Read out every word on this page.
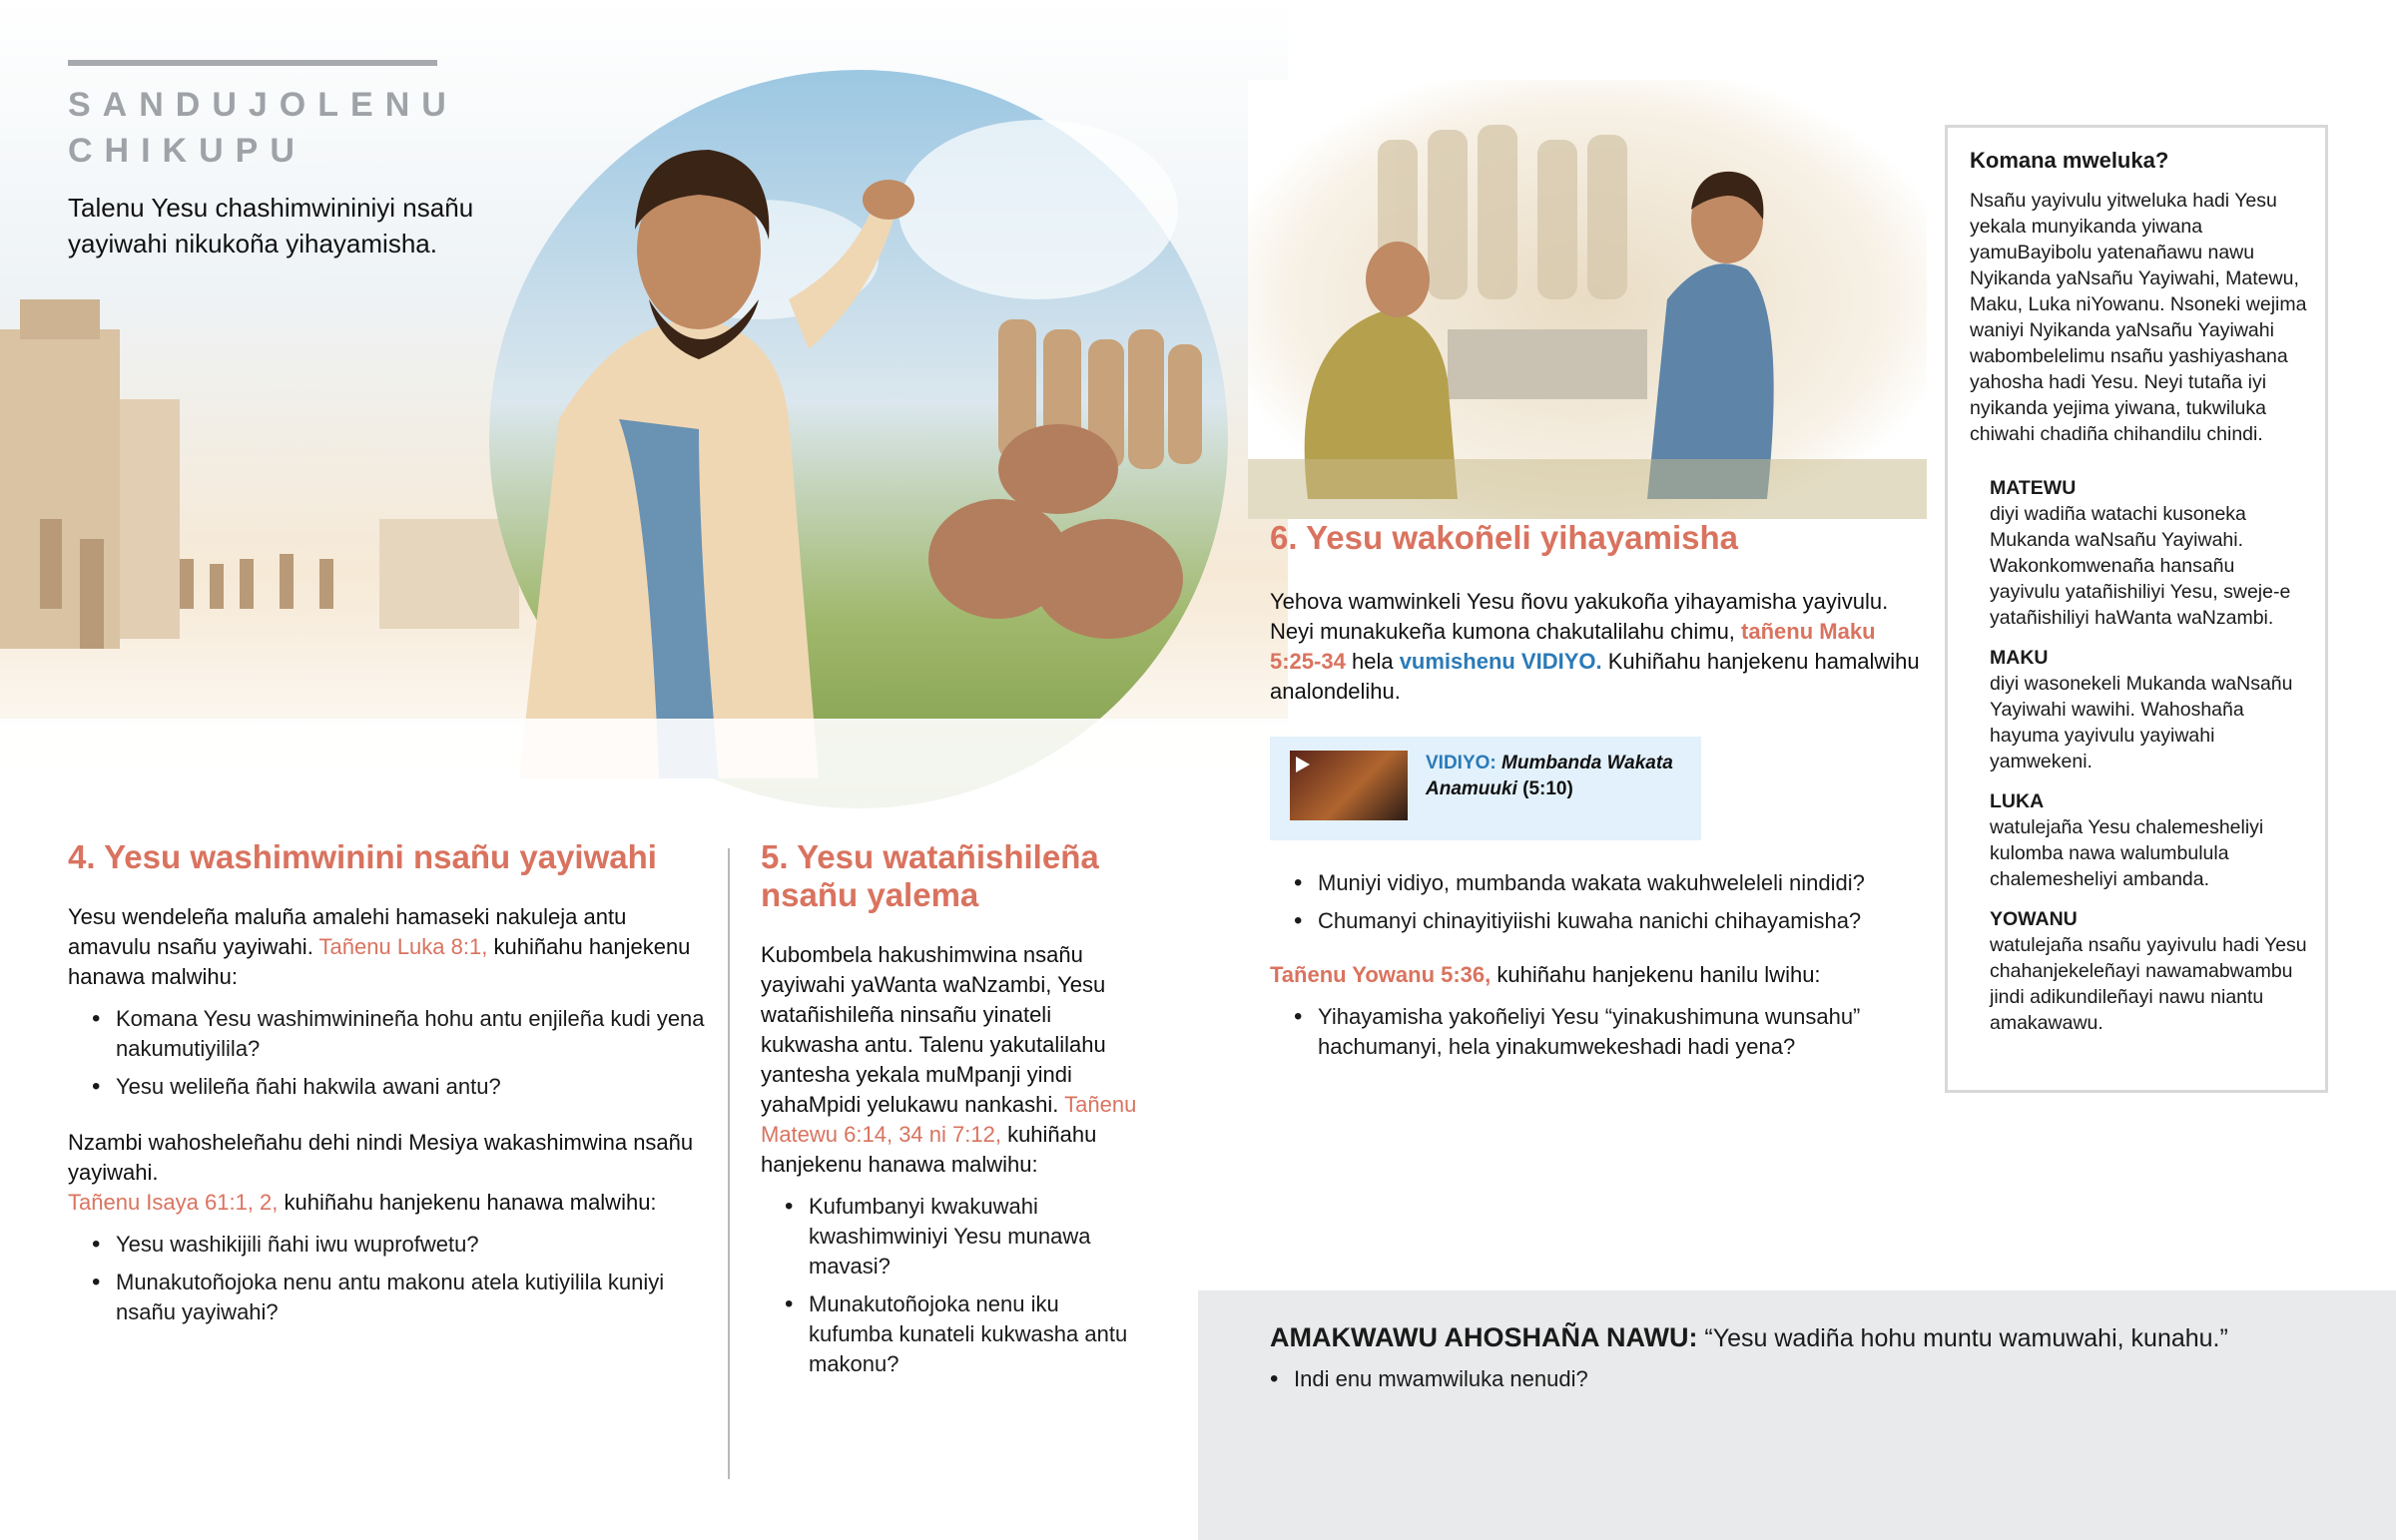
SANDUJOLENU CHIKUPU
Talenu Yesu chashimwininiyi nsañu yayiwahi nikukoña yihayamisha.
4. Yesu washimwinini nsañu yayiwahi

Yesu wendeleña maluña amalehi hamaseki nakuleja antu amavulu nsañu yayiwahi. Tañenu Luka 8:1, kuhiñahu hanjekenu hanawa malwihu:

• Komana Yesu washimwinineña hohu antu enjileña kudi yena nakumutiyilila?
• Yesu welileña ñahi hakwila awani antu?

Nzambi wahosheleñahu dehi nindi Mesiya wakashimwina nsañu yayiwahi.
Tañenu Isaya 61:1, 2, kuhiñahu hanjekenu hanawa malwihu:

• Yesu washikijili ñahi iwu wuprofwetu?
• Munakutoñojoka nenu antu makonu atela kutiyilila kuniyi nsañu yayiwahi?
5. Yesu watañishileña nsañu yalema

Kubombela hakushimwina nsañu yayiwahi yaWanta waNzambi, Yesu watañishileña ninsañu yinateli kukwasha antu. Talenu yakutalilahu yantesha yekala muMpanji yindi yahaMpidi yelukawu nankashi. Tañenu Matewu 6:14, 34 ni 7:12, kuhiñahu hanjekenu hanawa malwihu:

• Kufumbanyi kwakuwahi kwashimwiniyi Yesu munawa mavasi?
• Munakutoñojoka nenu iku kufumba kunateli kukwasha antu makonu?
6. Yesu wakoñeli yihayamisha

Yehova wamwinkeli Yesu ñovu yakukoña yihayamisha yayivulu. Neyi munakukeña kumona chakutalilahu chimu, tañenu Maku 5:25-34 hela vumishenu VIDIYO. Kuhiñahu hanjekenu hamalwihu analondelihu.

VIDIYO: Mumbanda Wakata Anamuuki (5:10)
• Muniyi vidiyo, mumbanda wakata wakuhweleleli nindidi?
• Chumanyi chinayitiyiishi kuwaha nanichi chihayamisha?

Tañenu Yowanu 5:36, kuhiñahu hanjekenu hanilu lwihu:

• Yihayamisha yakoñeliyi Yesu “yinakushimuna wunsahu” hachumanyi, hela yinakumwekeshadi hadi yena?
Komana mweluka?
Nsañu yayivulu yitweluka hadi Yesu yekala munyikanda yiwana yamuBayibolu yatenañawu nawu Nyikanda yaNsañu Yayiwahi, Matewu, Maku, Luka niYowanu. Nsoneki wejima waniyi Nyikanda yaNsañu Yayiwahi wabombelelimu nsañu yashiyashana yahosha hadi Yesu. Neyi tutaña iyi nyikanda yejima yiwana, tukwiluka chiwahi chadiña chihandilu chindi.
MATEWU
diyi wadiña watachi kusoneka Mukanda waNsañu Yayiwahi. Wakonkomwenaña hansañu yayivulu yatañishiliyi Yesu, sweje-e yatañishiliyi haWanta waNzambi.
MAKU
diyi wasonekeli Mukanda waNsañu Yayiwahi wawihi. Wahoshaña hayuma yayivulu yayiwahi yamwekeni.
LUKA
watulejaña Yesu chalemesheliyi kulomba nawa walumbulula chalemesheliyi ambanda.
YOWANU
watulejaña nsañu yayivulu hadi Yesu chahanjekeleñayi nawamabwambu jindi adikundileñayi nawu niantu amakawawu.
AMAKWAWU AHOSHAÑA NAWU: “Yesu wadiña hohu muntu wamuwahi, kunahu.”
• Indi enu mwamwiluka nenudi?
